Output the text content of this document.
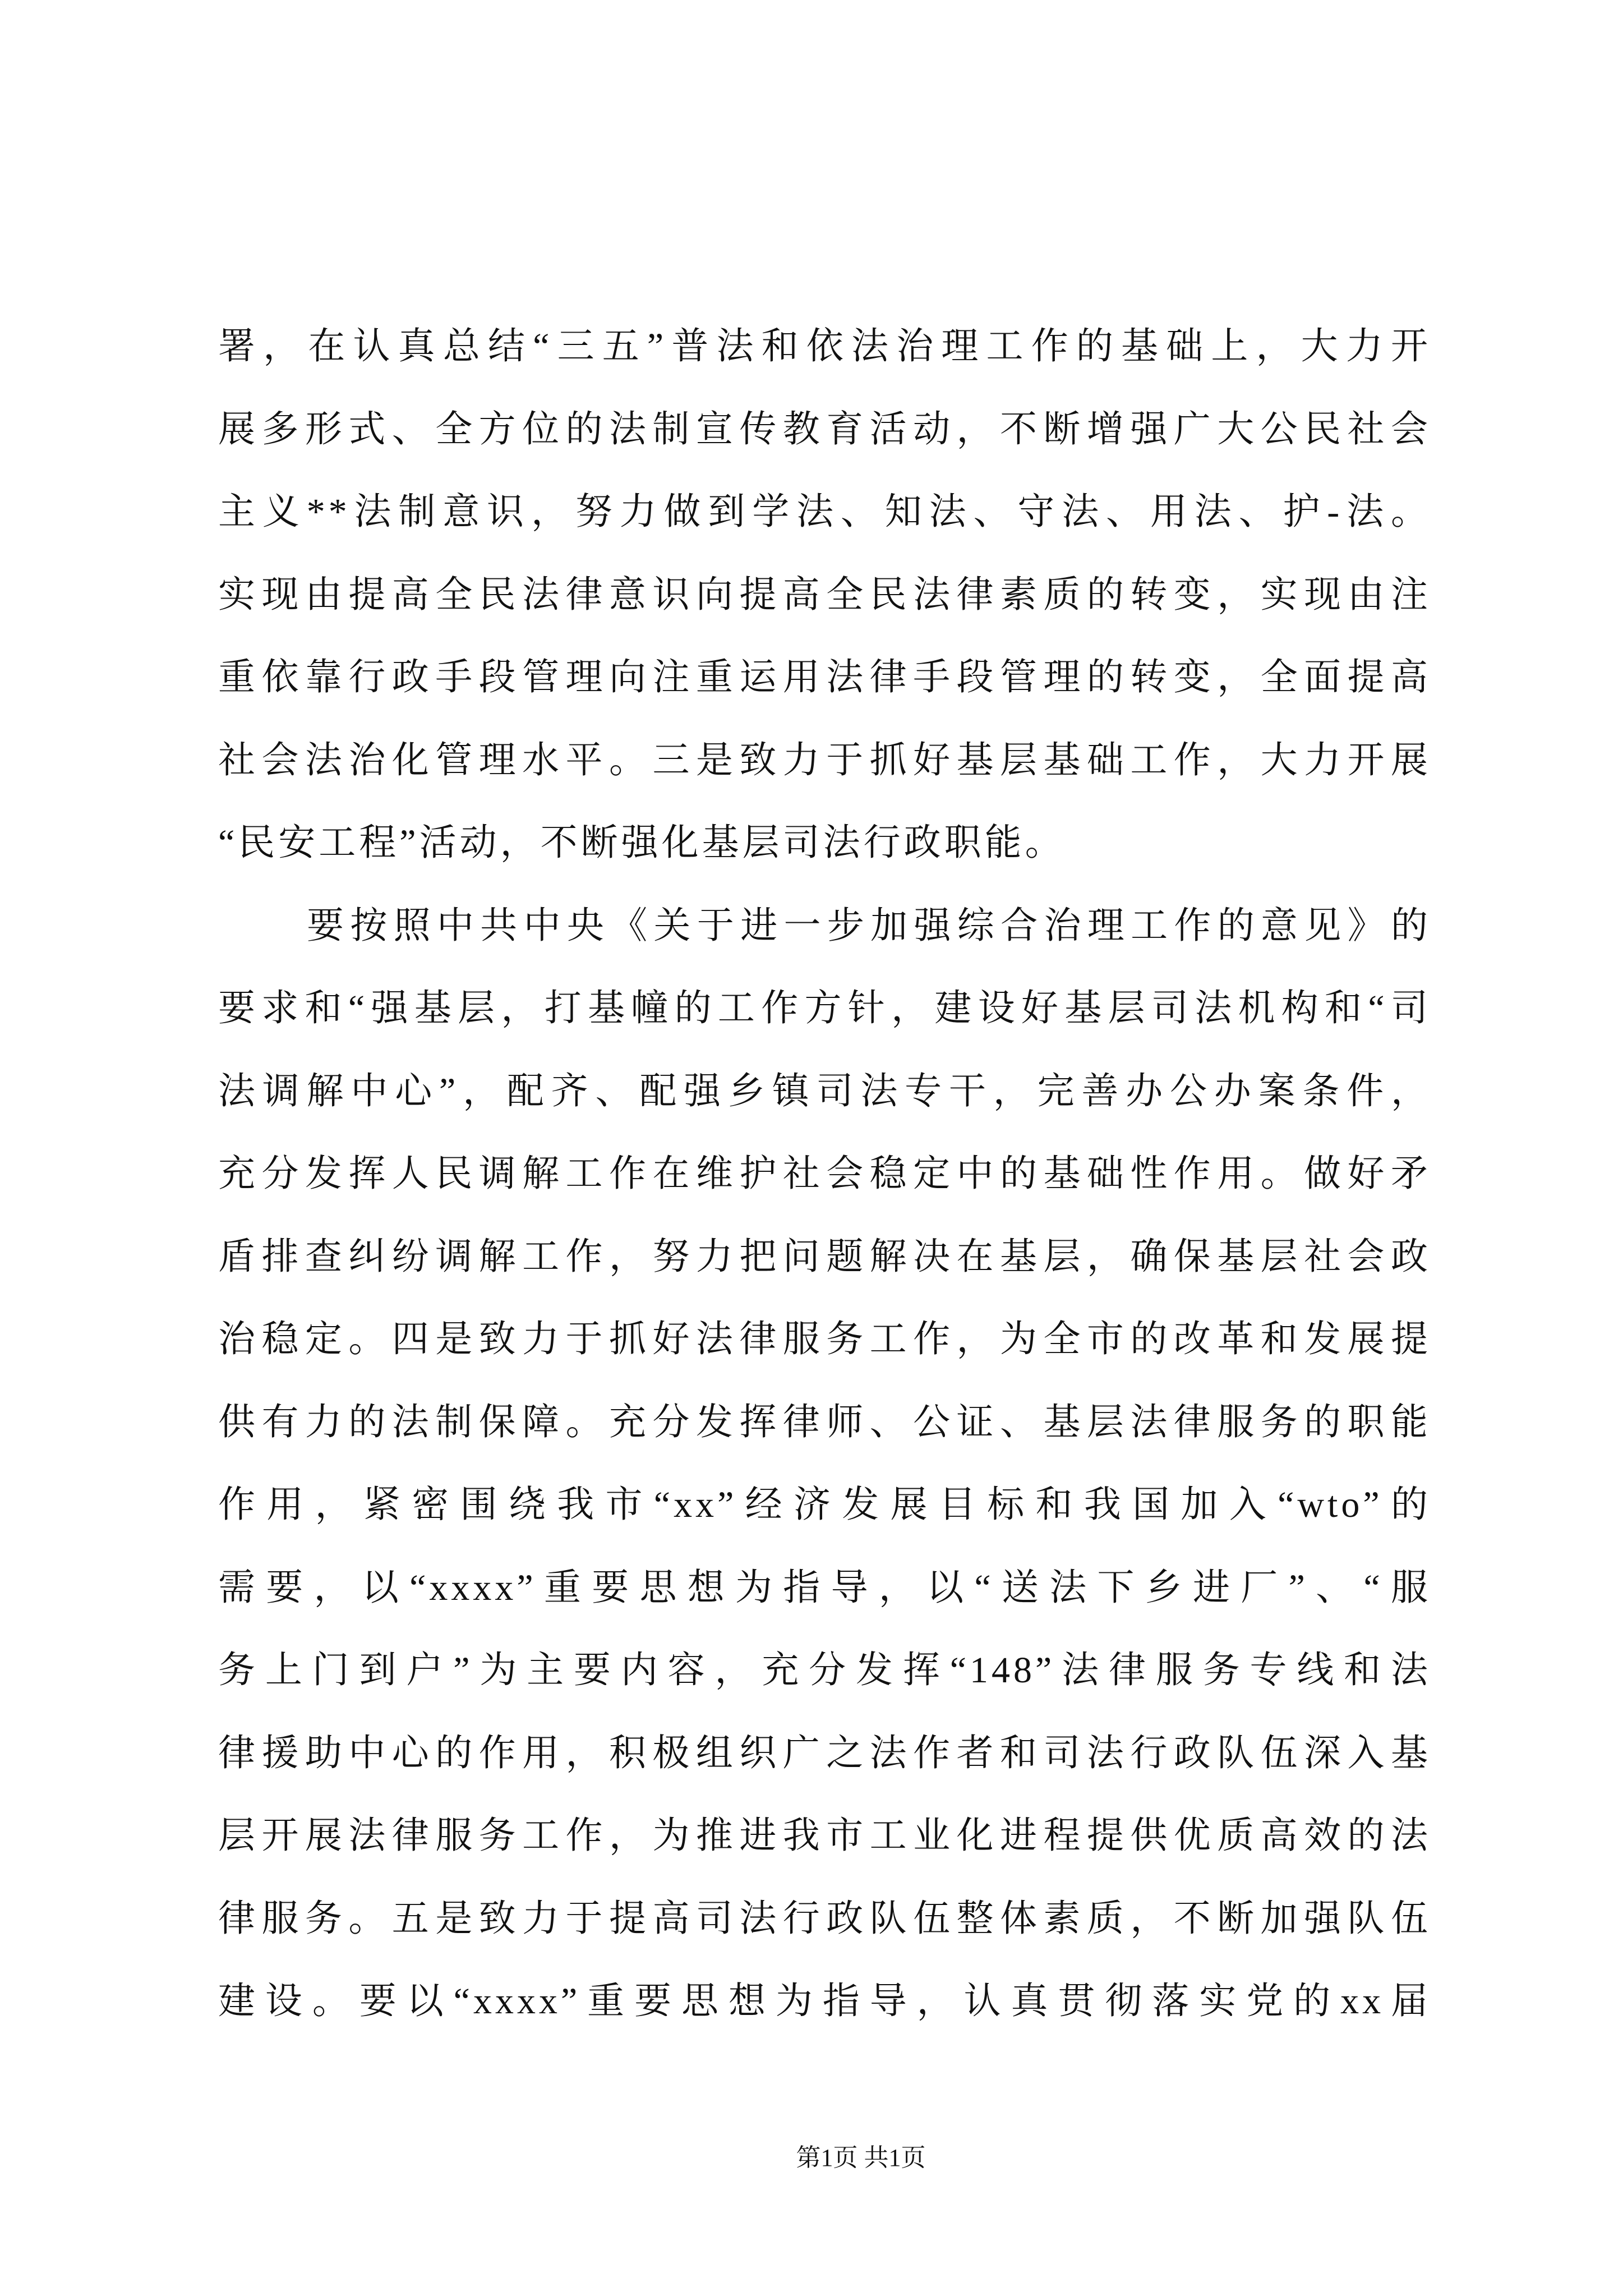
署，在认真总结“三五”普法和依法治理工作的基础上，大力开
展多形式、全方位的法制宣传教育活动，不断增强广大公民社会
主义**法制意识，努力做到学法、知法、守法、用法、护-法。
实现由提高全民法律意识向提高全民法律素质的转变，实现由注
重依靠行政手段管理向注重运用法律手段管理的转变，全面提高
社会法治化管理水平。三是致力于抓好基层基础工作，大力开展
“民安工程”活动，不断强化基层司法行政职能。
要按照中共中央《关于进一步加强综合治理工作的意见》的
要求和“强基层，打基幢的工作方针，建设好基层司法机构和“司
法调解中心”，配齐、配强乡镇司法专干，完善办公办案条件，
充分发挥人民调解工作在维护社会稳定中的基础性作用。做好矛
盾排查纠纷调解工作，努力把问题解决在基层，确保基层社会政
治稳定。四是致力于抓好法律服务工作，为全市的改革和发展提
供有力的法制保障。充分发挥律师、公证、基层法律服务的职能
作用，紧密围绕我市“xx”经济发展目标和我国加入“wto”的
需要，以“xxxx”重要思想为指导，以“送法下乡进厂”、“服
务上门到户”为主要内容，充分发挥“148”法律服务专线和法
律援助中心的作用，积极组织广之法作者和司法行政队伍深入基
层开展法律服务工作，为推进我市工业化进程提供优质高效的法
律服务。五是致力于提高司法行政队伍整体素质，不断加强队伍
建设。要以“xxxx”重要思想为指导，认真贯彻落实党的xx届
第1页 共1页
